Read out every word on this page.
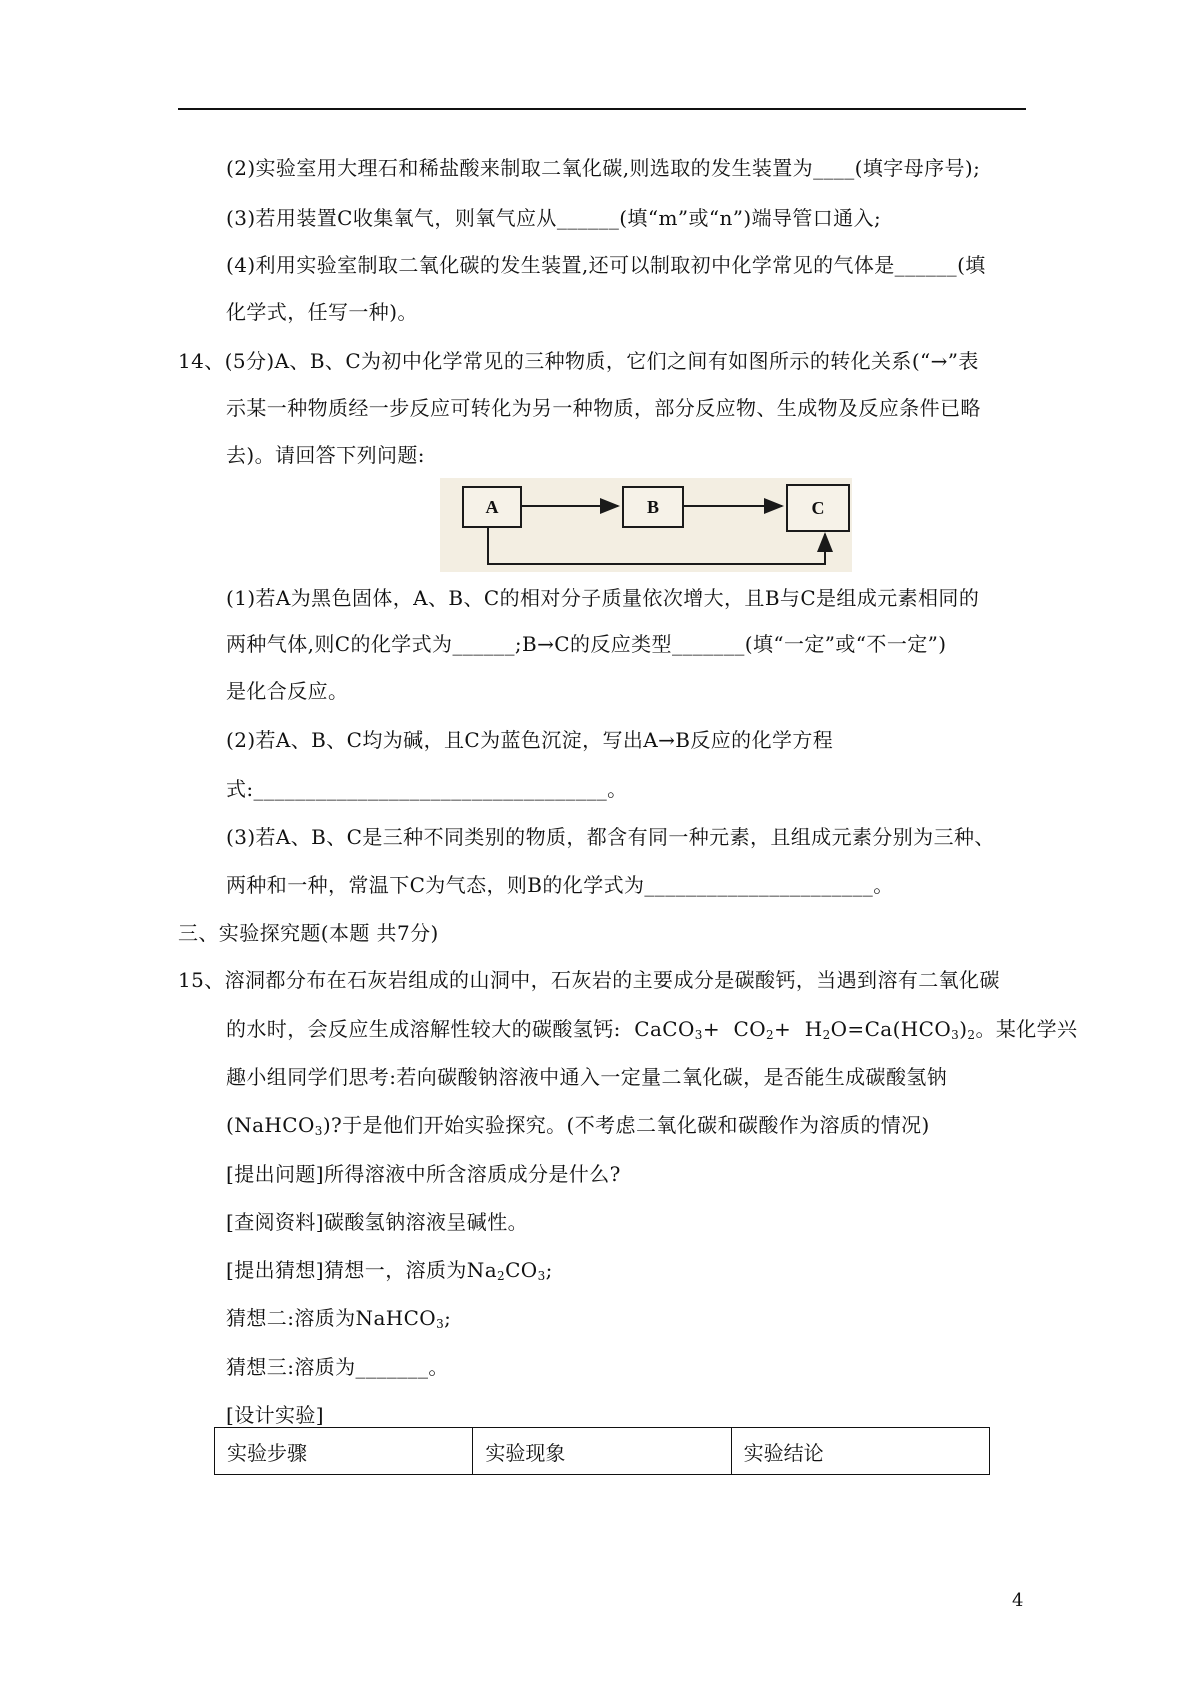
(2)实验室用大理石和稀盐酸来制取二氧化碳,则选取的发生装置为____(填字母序号);
(3)若用装置C收集氧气，则氧气应从______(填“m”或“n”)端导管口通入;
(4)利用实验室制取二氧化碳的发生装置,还可以制取初中化学常见的气体是______(填
化学式，任写一种)。
14、(5分)A、B、C为初中化学常见的三种物质，它们之间有如图所示的转化关系(“→”表
示某一种物质经一步反应可转化为另一种物质，部分反应物、生成物及反应条件已略
去)。请回答下列问题:
A	B	C
(1)若A为黑色固体，A、B、C的相对分子质量依次增大，且B与C是组成元素相同的
两种气体,则C的化学式为______;B→C的反应类型_______(填“一定”或“不一定”)
是化合反应。
(2)若A、B、C均为碱，且C为蓝色沉淀，写出A→B反应的化学方程
式:__________________________________。
(3)若A、B、C是三种不同类别的物质，都含有同一种元素，且组成元素分别为三种、
两种和一种，常温下C为气态，则B的化学式为______________________。
三、实验探究题(本题 共7分)
15、溶洞都分布在石灰岩组成的山洞中，石灰岩的主要成分是碳酸钙，当遇到溶有二氧化碳
的水时，会反应生成溶解性较大的碳酸氢钙:  CaCO$_3$+  $CO_2+ H_2O=Ca(HCO_3)_2$。某化学兴
趣小组同学们思考:若向碳酸钠溶液中通入一定量二氧化碳，是否能生成碳酸氢钠
(NaHCO$_3$)?于是他们开始实验探究。(不考虑二氧化碳和碳酸作为溶质的情况)
[提出问题]所得溶液中所含溶质成分是什么?
[查阅资料]碳酸氢钠溶液呈碱性。
[提出猜想]猜想一，溶质为$Na_2CO_3$;
猜想二:溶质为NaHCO$_3$;
猜想三:溶质为_______。
[设计实验]
实验步骤	实验现象	实验结论
4
